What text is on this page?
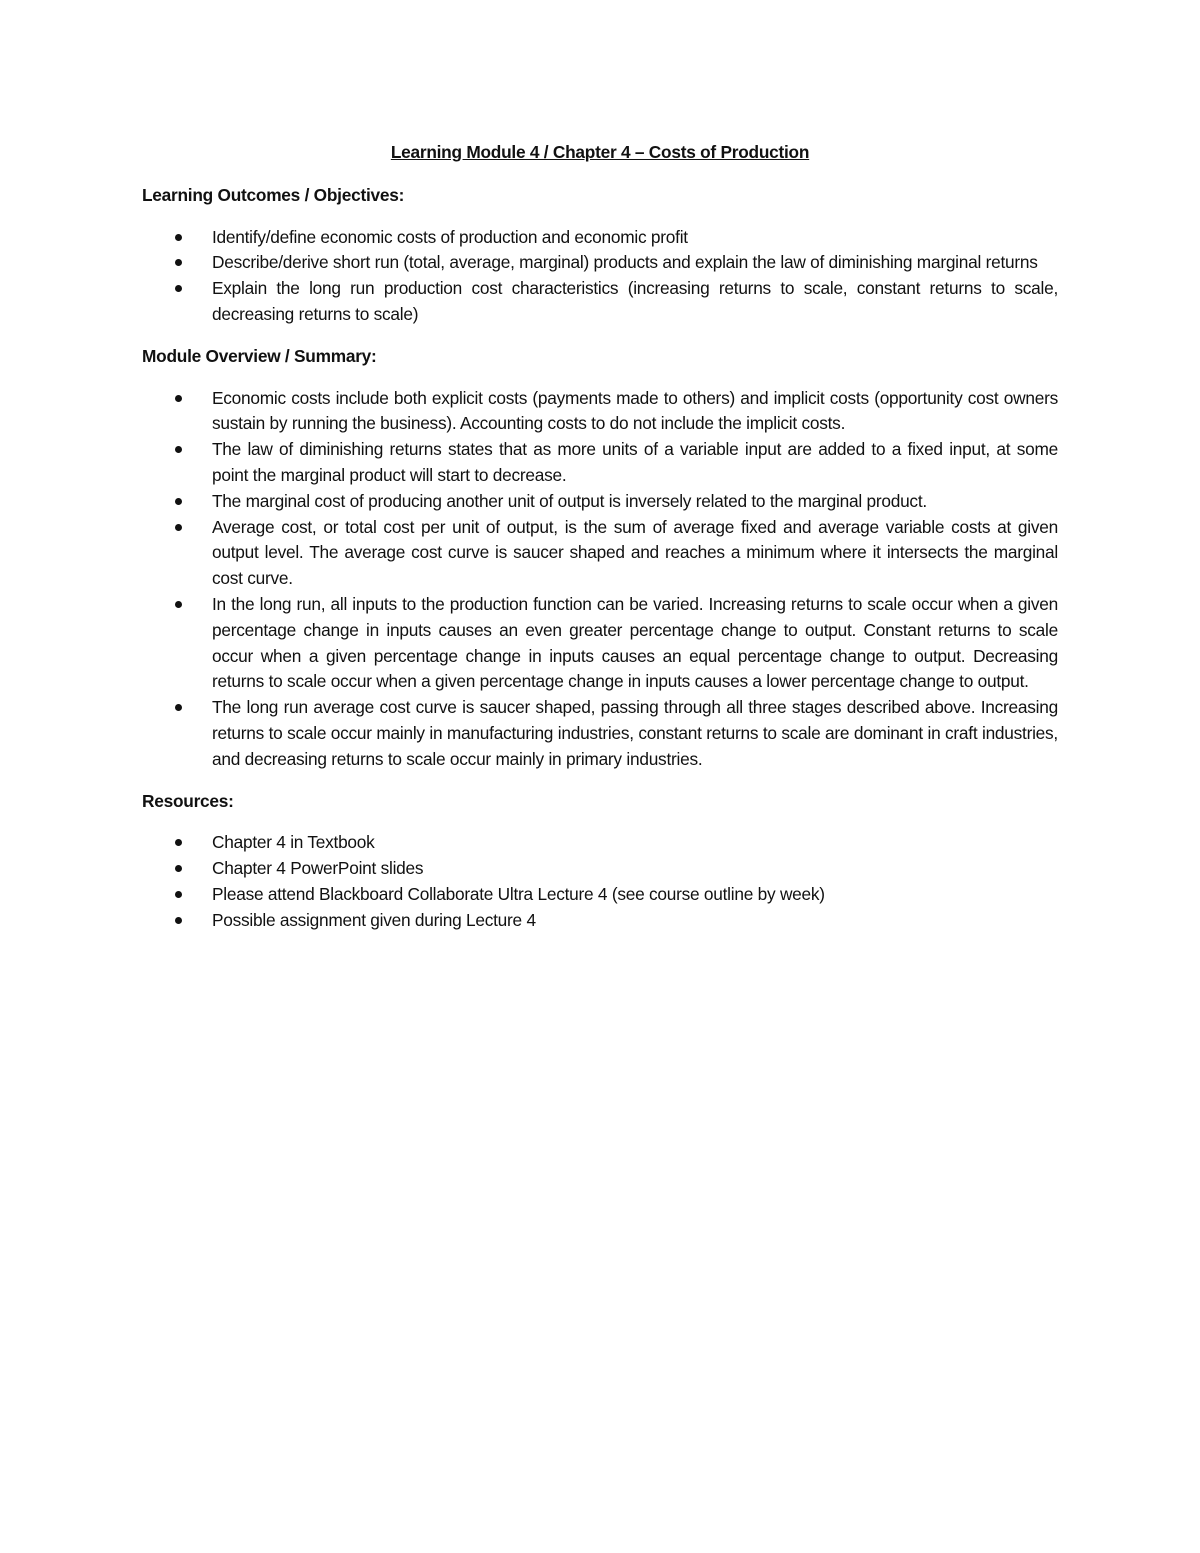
Learning Module 4 / Chapter 4 – Costs of Production
Learning Outcomes / Objectives:
Identify/define economic costs of production and economic profit
Describe/derive short run (total, average, marginal) products and explain the law of diminishing marginal returns
Explain the long run production cost characteristics (increasing returns to scale, constant returns to scale, decreasing returns to scale)
Module Overview / Summary:
Economic costs include both explicit costs (payments made to others) and implicit costs (opportunity cost owners sustain by running the business). Accounting costs to do not include the implicit costs.
The law of diminishing returns states that as more units of a variable input are added to a fixed input, at some point the marginal product will start to decrease.
The marginal cost of producing another unit of output is inversely related to the marginal product.
Average cost, or total cost per unit of output, is the sum of average fixed and average variable costs at given output level. The average cost curve is saucer shaped and reaches a minimum where it intersects the marginal cost curve.
In the long run, all inputs to the production function can be varied. Increasing returns to scale occur when a given percentage change in inputs causes an even greater percentage change to output. Constant returns to scale occur when a given percentage change in inputs causes an equal percentage change to output. Decreasing returns to scale occur when a given percentage change in inputs causes a lower percentage change to output.
The long run average cost curve is saucer shaped, passing through all three stages described above. Increasing returns to scale occur mainly in manufacturing industries, constant returns to scale are dominant in craft industries, and decreasing returns to scale occur mainly in primary industries.
Resources:
Chapter 4 in Textbook
Chapter 4 PowerPoint slides
Please attend Blackboard Collaborate Ultra Lecture 4 (see course outline by week)
Possible assignment given during Lecture 4
